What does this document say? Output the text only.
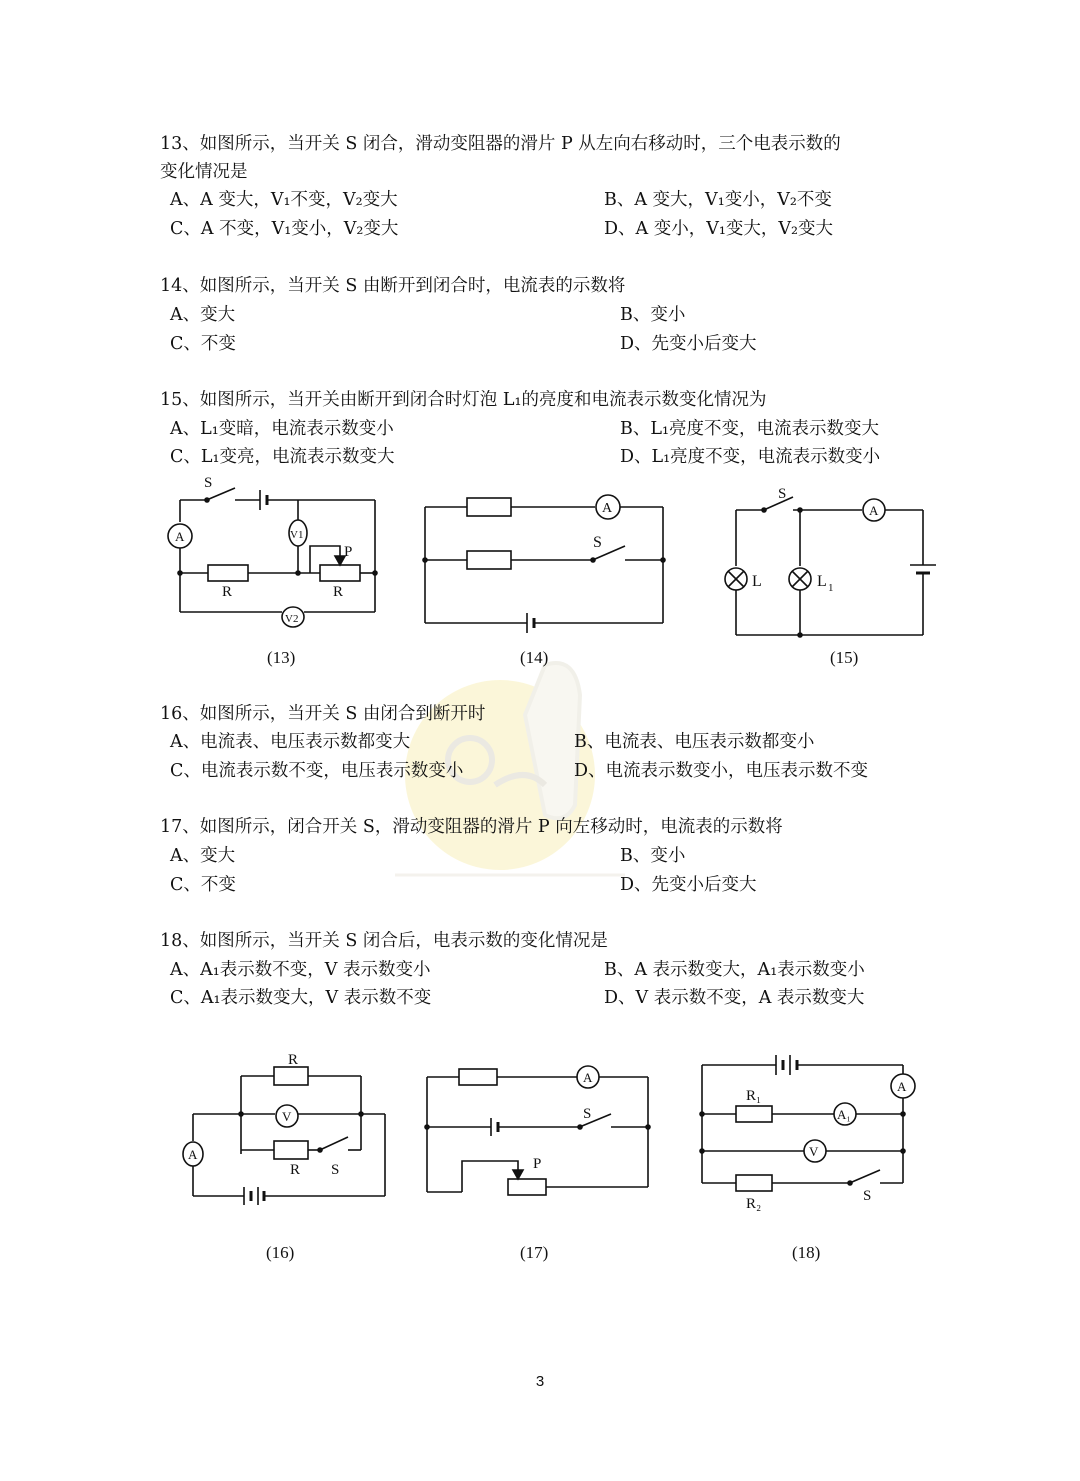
13、如图所示，当开关 S 闭合，滑动变阻器的滑片 P 从左向右移动时，三个电表示数的
变化情况是
A、A 变大，V₁不变，V₂变大	B、A 变大，V₁变小，V₂不变
C、A 不变，V₁变小，V₂变大	D、A 变小，V₁变大，V₂变大
14、如图所示，当开关 S 由断开到闭合时，电流表的示数将
A、变大	B、变小
C、不变	D、先变小后变大
15、如图所示，当开关由断开到闭合时灯泡 L₁的亮度和电流表示数变化情况为
A、L₁变暗，电流表示数变小	B、L₁亮度不变，电流表示数变大
C、L₁变亮，电流表示数变大	D、L₁亮度不变，电流表示数变小
S
A	V1
R	R
P
V2
(13)
A
S
(14)
S
A
L	L 1
(15)
16、如图所示，当开关 S 由闭合到断开时
A、电流表、电压表示数都变大	B、电流表、电压表示数都变小
C、电流表示数不变，电压表示数变小	D、电流表示数变小，电压表示数不变
17、如图所示，闭合开关 S，滑动变阻器的滑片 P 向左移动时，电流表的示数将
A、变大	B、变小
C、不变	D、先变小后变大
18、如图所示，当开关 S 闭合后，电表示数的变化情况是
A、A₁表示数不变，V 表示数变小	B、A 表示数变大，A₁表示数变小
C、A₁表示数变大，V 表示数不变	D、V 表示数不变，A 表示数变大
R
V
A
R S
(16)
A
S
P
(17)
A
R₁
A₁
V
R₂	S
(18)
3
